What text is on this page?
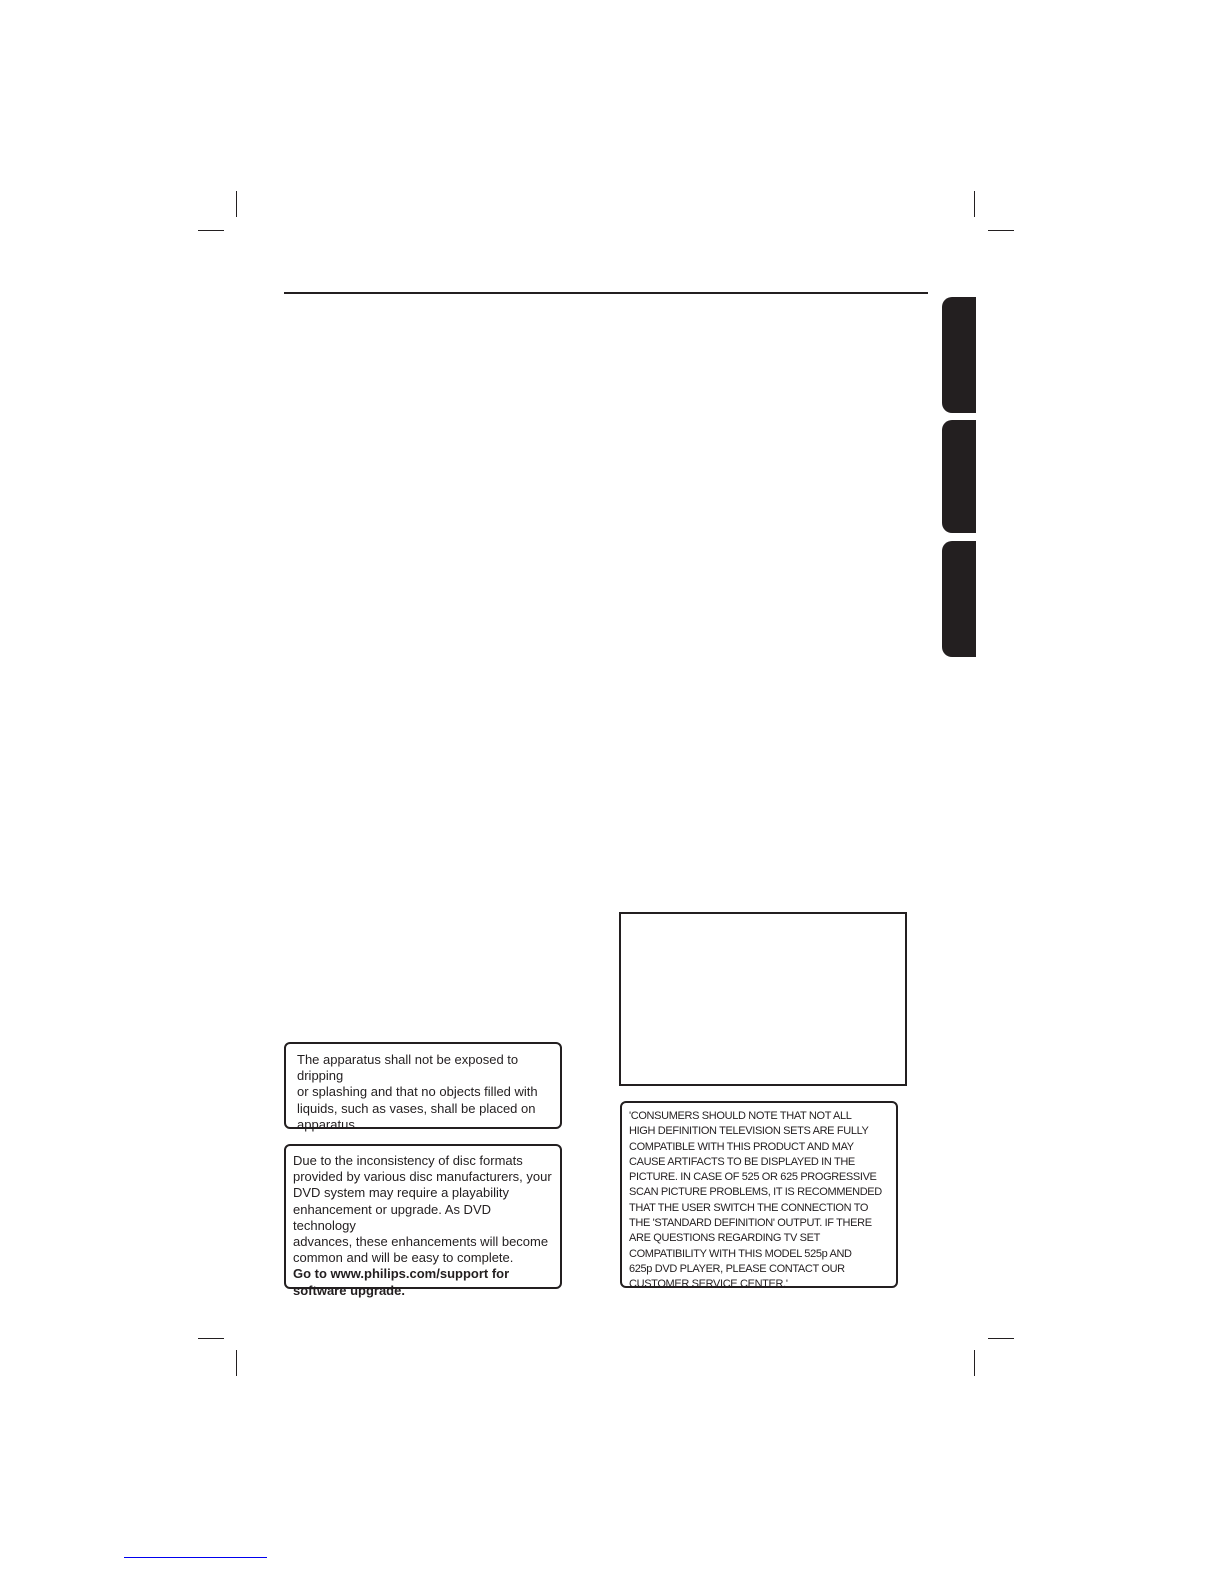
The apparatus shall not be exposed to dripping
or splashing and that no objects filled with
liquids, such as vases, shall be placed on
apparatus.

Due to the inconsistency of disc formats
provided by various disc manufacturers, your
DVD system may require a playability
enhancement or upgrade. As DVD technology
advances, these enhancements will become
common and will be easy to complete.

Go to www.philips.com/support for
software upgrade.

'CONSUMERS SHOULD NOTE THAT NOT ALL
HIGH DEFINITION TELEVISION SETS ARE FULLY
COMPATIBLE WITH THIS PRODUCT AND MAY
CAUSE ARTIFACTS TO BE DISPLAYED IN THE
PICTURE. IN CASE OF 525 OR 625 PROGRESSIVE
SCAN PICTURE PROBLEMS, IT IS RECOMMENDED
THAT THE USER SWITCH THE CONNECTION TO
THE 'STANDARD DEFINITION' OUTPUT. IF THERE
ARE QUESTIONS REGARDING TV SET
COMPATIBILITY WITH THIS MODEL 525p AND
625p DVD PLAYER, PLEASE CONTACT OUR
CUSTOMER SERVICE CENTER.'
